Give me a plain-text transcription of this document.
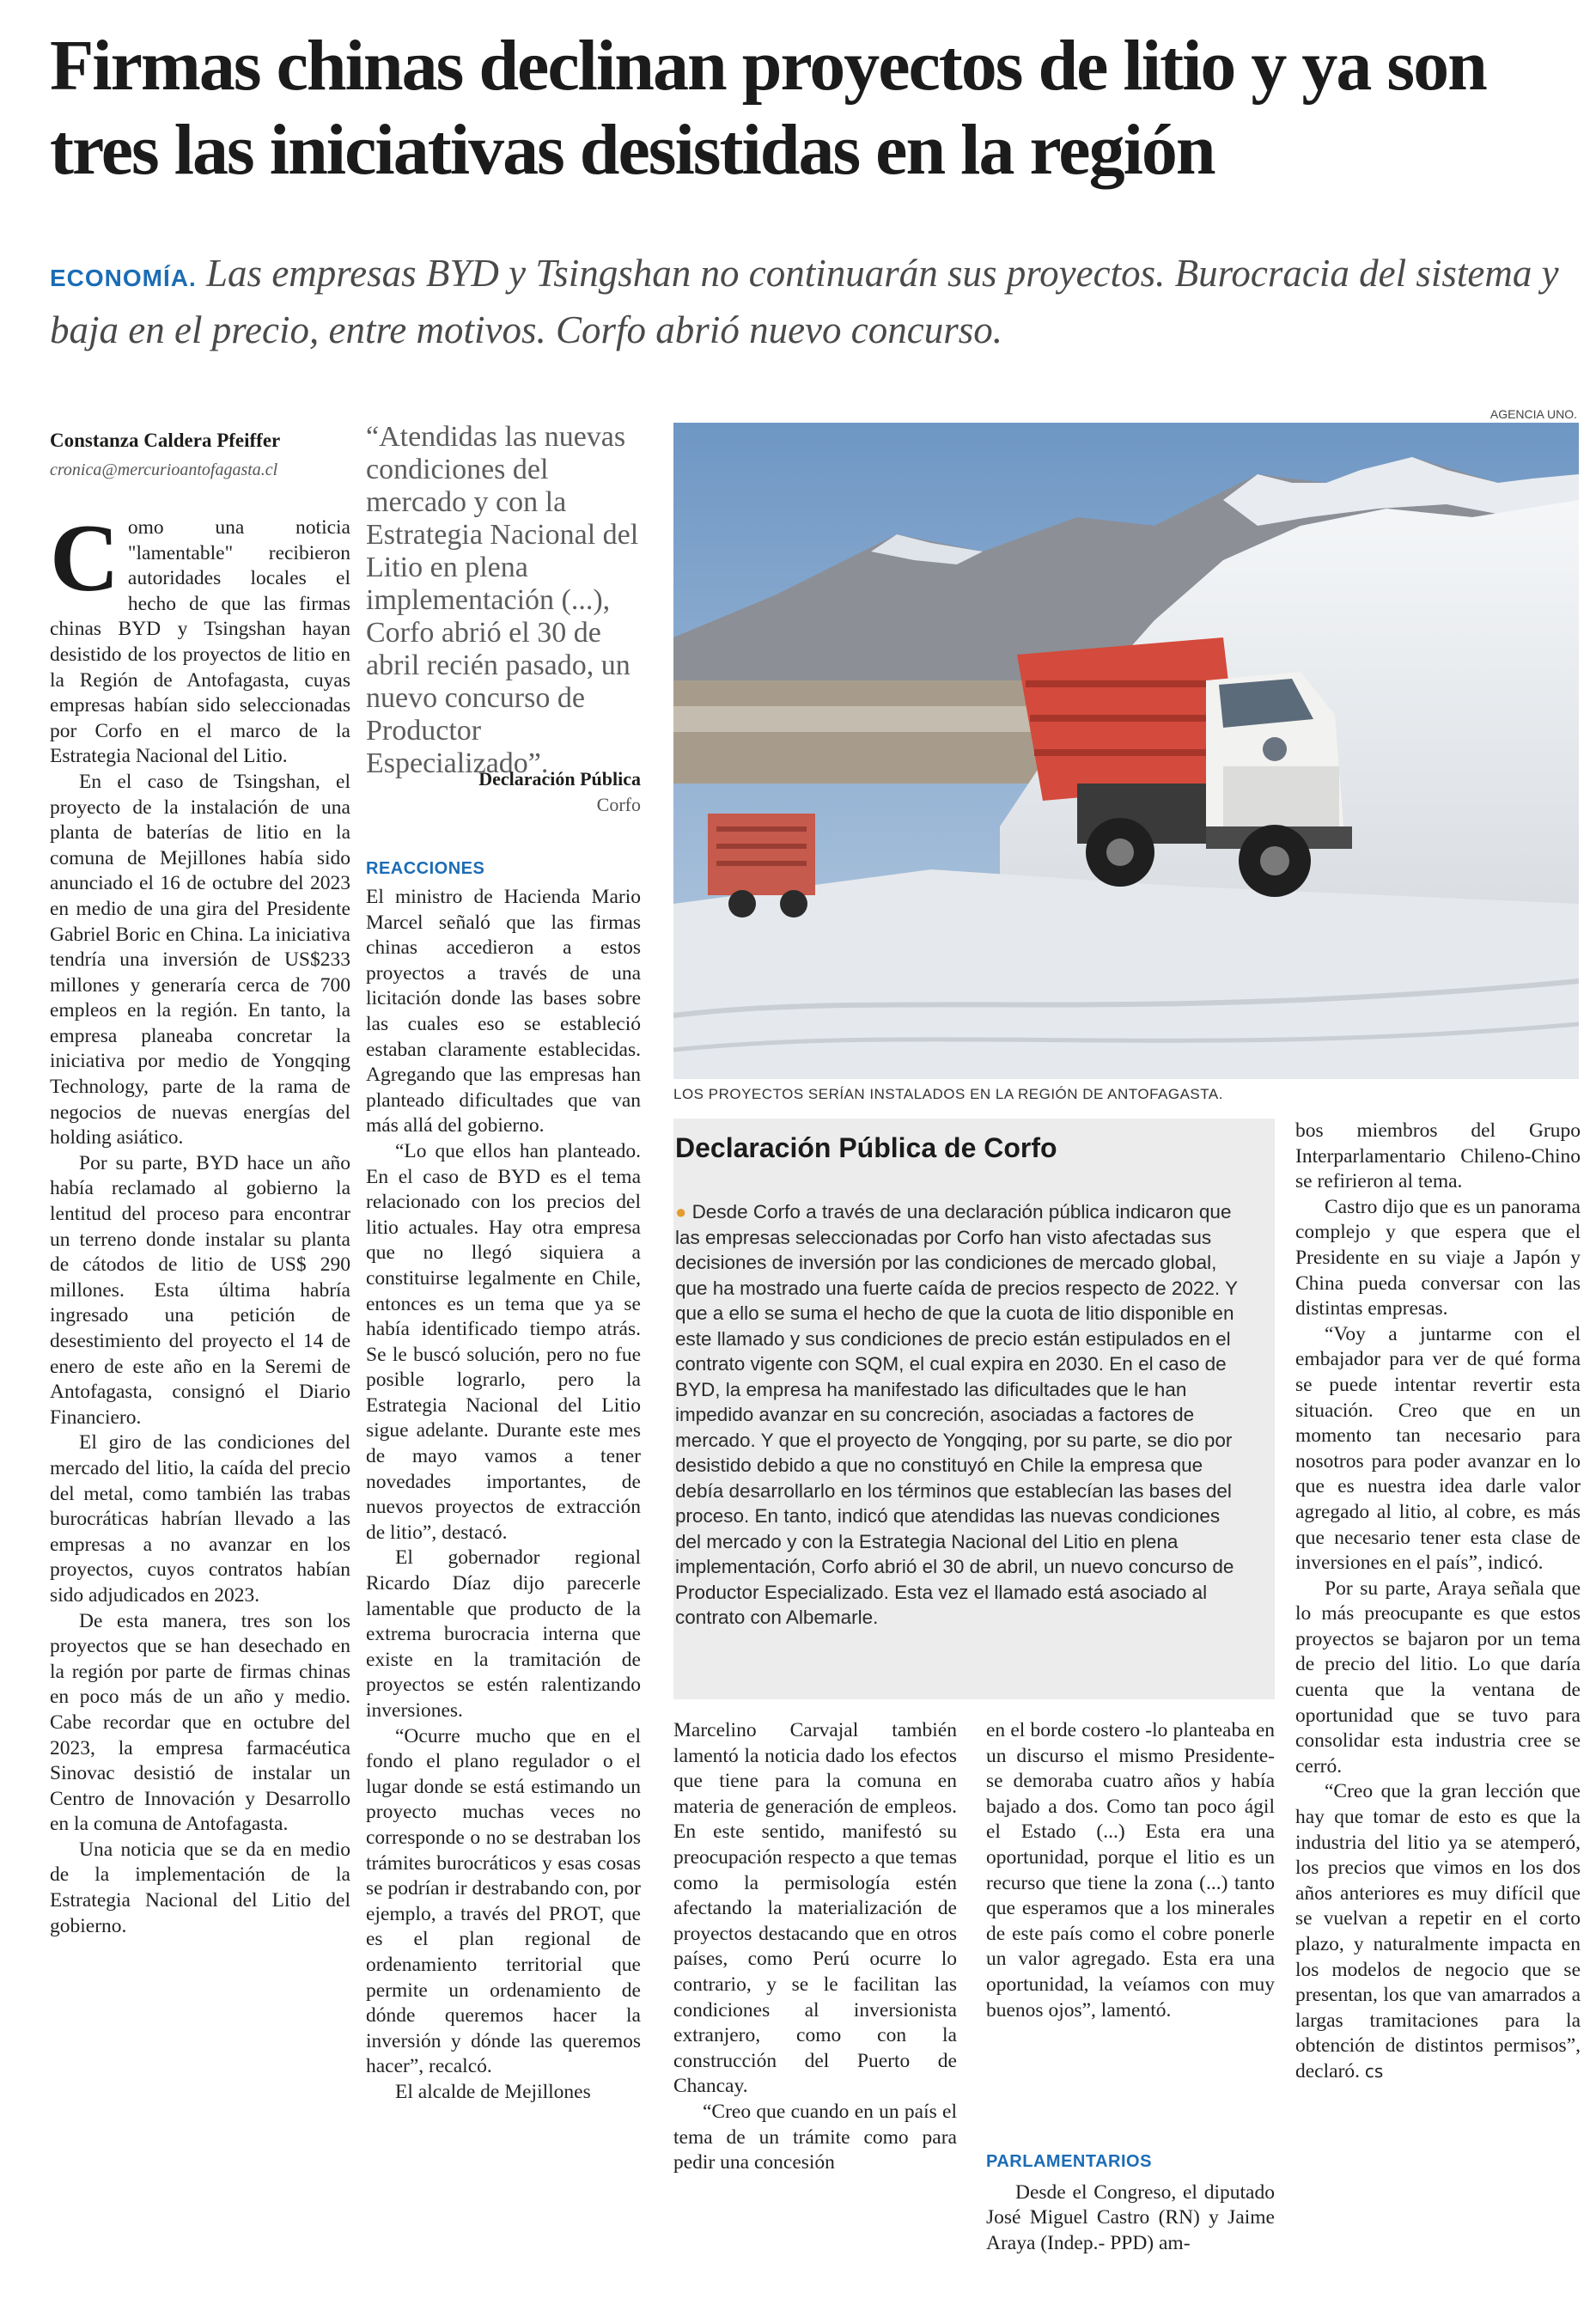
Firmas chinas declinan proyectos de litio y ya son tres las iniciativas desistidas en la región
ECONOMÍA. Las empresas BYD y Tsingshan no continuarán sus proyectos. Burocracia del sistema y baja en el precio, entre motivos. Corfo abrió nuevo concurso.
Constanza Caldera Pfeiffer
cronica@mercurioantofagasta.cl

Como una noticia "lamentable" recibieron autoridades locales el hecho de que las firmas chinas BYD y Tsingshan hayan desistido de los proyectos de litio en la Región de Antofagasta, cuyas empresas habían sido seleccionadas por Corfo en el marco de la Estrategia Nacional del Litio.

En el caso de Tsingshan, el proyecto de la instalación de una planta de baterías de litio en la comuna de Mejillones había sido anunciado el 16 de octubre del 2023 en medio de una gira del Presidente Gabriel Boric en China. La iniciativa tendría una inversión de US$233 millones y generaría cerca de 700 empleos en la región. En tanto, la empresa planeaba concretar la iniciativa por medio de Yongqing Technology, parte de la rama de negocios de nuevas energías del holding asiático.

Por su parte, BYD hace un año había reclamado al gobierno la lentitud del proceso para encontrar un terreno donde instalar su planta de cátodos de litio de US$ 290 millones. Esta última habría ingresado una petición de desestimiento del proyecto el 14 de enero de este año en la Seremi de Antofagasta, consignó el Diario Financiero.

El giro de las condiciones del mercado del litio, la caída del precio del metal, como también las trabas burocráticas habrían llevado a las empresas a no avanzar en los proyectos, cuyos contratos habían sido adjudicados en 2023.

De esta manera, tres son los proyectos que se han desechado en la región por parte de firmas chinas en poco más de un año y medio. Cabe recordar que en octubre del 2023, la empresa farmacéutica Sinovac desistió de instalar un Centro de Innovación y Desarrollo en la comuna de Antofagasta.

Una noticia que se da en medio de la implementación de la Estrategia Nacional del Litio del gobierno.

“Atendidas las nuevas condiciones del mercado y con la Estrategia Nacional del Litio en plena implementación (...), Corfo abrió el 30 de abril recién pasado, un nuevo concurso de Productor Especializado”.
Declaración Pública
Corfo
REACCIONES

El ministro de Hacienda Mario Marcel señaló que las firmas chinas accedieron a estos proyectos a través de una licitación donde las bases sobre las cuales eso se estableció estaban claramente establecidas. Agregando que las empresas han planteado dificultades que van más allá del gobierno.

“Lo que ellos han planteado. En el caso de BYD es el tema relacionado con los precios del litio actuales. Hay otra empresa que no llegó siquiera a constituirse legalmente en Chile, entonces es un tema que ya se había identificado tiempo atrás. Se le buscó solución, pero no fue posible lograrlo, pero la Estrategia Nacional del Litio sigue adelante. Durante este mes de mayo vamos a tener novedades importantes, de nuevos proyectos de extracción de litio”, destacó.

El gobernador regional Ricardo Díaz dijo parecerle lamentable que producto de la extrema burocracia interna que existe en la tramitación de proyectos se estén ralentizando inversiones.

“Ocurre mucho que en el fondo el plano regulador o el lugar donde se está estimando un proyecto muchas veces no corresponde o no se destraban los trámites burocráticos y esas cosas se podrían ir destrabando con, por ejemplo, a través del PROT, que es el plan regional de ordenamiento territorial que permite un ordenamiento de dónde queremos hacer la inversión y dónde las queremos hacer”, recalcó.

El alcalde de Mejillones

AGENCIA UNO.
LOS PROYECTOS SERÍAN INSTALADOS EN LA REGIÓN DE ANTOFAGASTA.
Declaración Pública de Corfo
● Desde Corfo a través de una declaración pública indicaron que las empresas seleccionadas por Corfo han visto afectadas sus decisiones de inversión por las condiciones de mercado global, que ha mostrado una fuerte caída de precios respecto de 2022. Y que a ello se suma el hecho de que la cuota de litio disponible en este llamado y sus condiciones de precio están estipulados en el contrato vigente con SQM, el cual expira en 2030. En el caso de BYD, la empresa ha manifestado las dificultades que le han impedido avanzar en su concreción, asociadas a factores de mercado. Y que el proyecto de Yongqing, por su parte, se dio por desistido debido a que no constituyó en Chile la empresa que debía desarrollarlo en los términos que establecían las bases del proceso. En tanto, indicó que atendidas las nuevas condiciones del mercado y con la Estrategia Nacional del Litio en plena implementación, Corfo abrió el 30 de abril, un nuevo concurso de Productor Especializado. Esta vez el llamado está asociado al contrato con Albemarle.

Marcelino Carvajal también lamentó la noticia dado los efectos que tiene para la comuna en materia de generación de empleos. En este sentido, manifestó su preocupación respecto a que temas como la permisología estén afectando la materialización de proyectos destacando que en otros países, como Perú ocurre lo contrario, y se le facilitan las condiciones al inversionista extranjero, como con la construcción del Puerto de Chancay.

“Creo que cuando en un país el tema de un trámite como para pedir una concesión

en el borde costero -lo planteaba en un discurso el mismo Presidente- se demoraba cuatro años y había bajado a dos. Como tan poco ágil el Estado (...) Esta era una oportunidad, porque el litio es un recurso que tiene la zona (...) tanto que esperamos que a los minerales de este país como el cobre ponerle un valor agregado. Esta era una oportunidad, la veíamos con muy buenos ojos”, lamentó.

PARLAMENTARIOS

Desde el Congreso, el diputado José Miguel Castro (RN) y Jaime Araya (Indep.- PPD) am-

bos miembros del Grupo Interparlamentario Chileno-Chino se refirieron al tema.

Castro dijo que es un panorama complejo y que espera que el Presidente en su viaje a Japón y China pueda conversar con las distintas empresas.

“Voy a juntarme con el embajador para ver de qué forma se puede intentar revertir esta situación. Creo que en un momento tan necesario para nosotros para poder avanzar en lo que es nuestra idea darle valor agregado al litio, al cobre, es más que necesario tener esta clase de inversiones en el país”, indicó.

Por su parte, Araya señala que lo más preocupante es que estos proyectos se bajaron por un tema de precio del litio. Lo que daría cuenta que la ventana de oportunidad que se tuvo para consolidar esta industria cree se cerró.

“Creo que la gran lección que hay que tomar de esto es que la industria del litio ya se atemperó, los precios que vimos en los dos años anteriores es muy difícil que se vuelvan a repetir en el corto plazo, y naturalmente impacta en los modelos de negocio que se presentan, los que van amarrados a largas tramitaciones para la obtención de distintos permisos”, declaró. cs
